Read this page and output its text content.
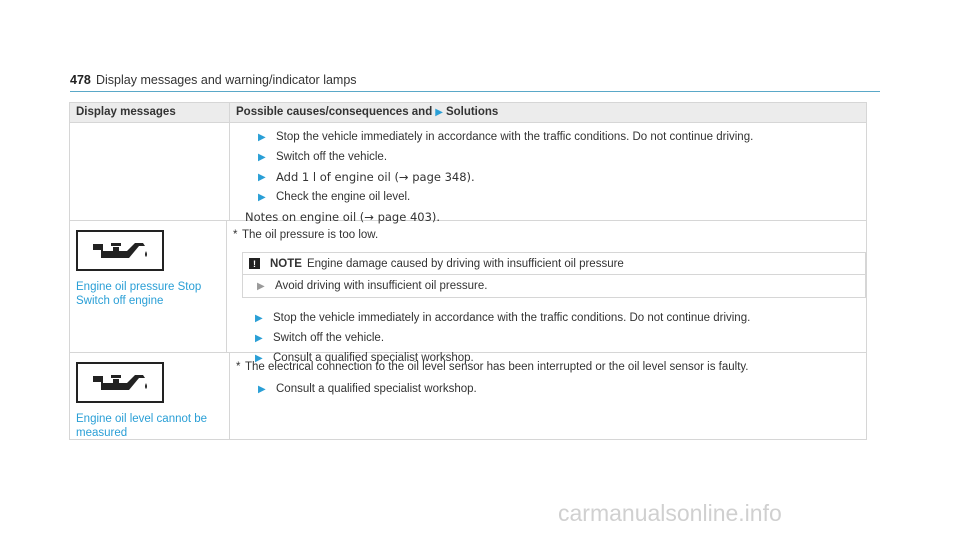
478 Display messages and warning/indicator lamps
Display messages	Possible causes/consequences and ▶ Solutions
▶ Stop the vehicle immediately in accordance with the traffic conditions. Do not continue driving.
▶ Switch off the vehicle.
▶ Add 1 l of engine oil (→ page 348).
▶ Check the engine oil level.
Notes on engine oil (→ page 403).
Engine oil pressure Stop
Switch off engine
* The oil pressure is too low.
!	NOTE Engine damage caused by driving with insufficient oil pressure
▶ Avoid driving with insufficient oil pressure.
▶ Stop the vehicle immediately in accordance with the traffic conditions. Do not continue driving.
▶ Switch off the vehicle.
▶ Consult a qualified specialist workshop.
Engine oil level cannot be
measured
* The electrical connection to the oil level sensor has been interrupted or the oil level sensor is faulty.
▶ Consult a qualified specialist workshop.
carmanualsonline.info
